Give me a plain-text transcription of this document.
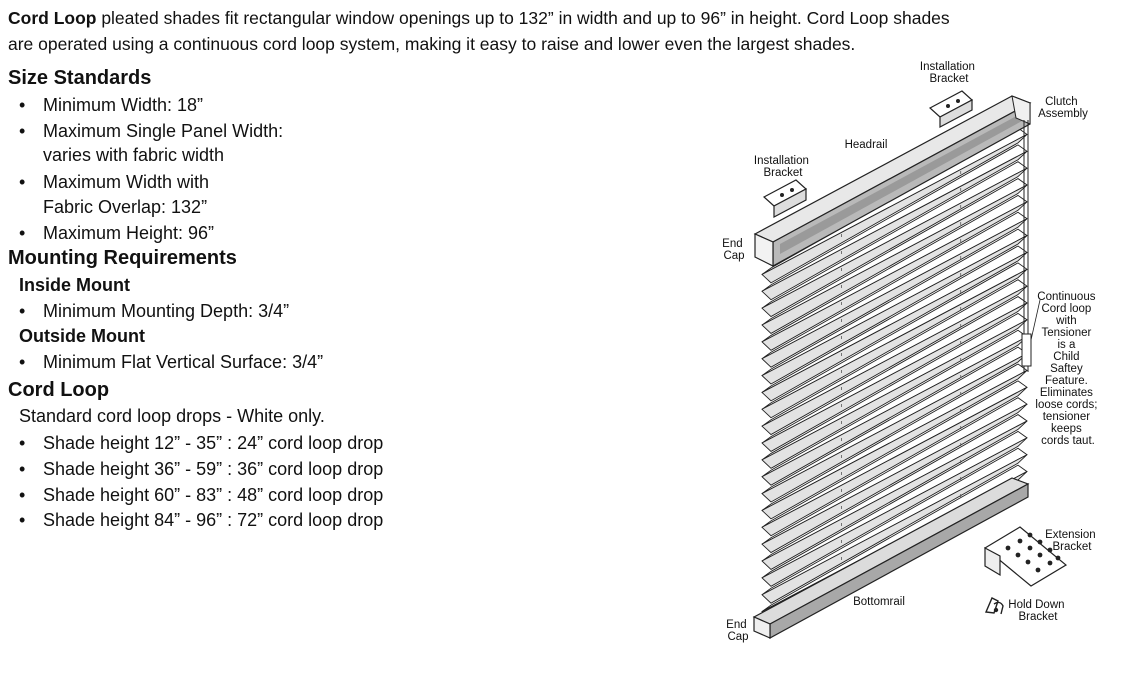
Cord Loop pleated shades fit rectangular window openings up to 132” in width and up to 96” in height. Cord Loop shades
are operated using a continuous cord loop system, making it easy to raise and lower even the largest shades.
Size Standards
• Minimum Width: 18”
• Maximum Single Panel Width:
varies with fabric width
• Maximum Width with
Fabric Overlap: 132”
• Maximum Height: 96”
Mounting Requirements
Inside Mount
• Minimum Mounting Depth: 3/4”
Outside Mount
• Minimum Flat Vertical Surface: 3/4”
Cord Loop
Standard cord loop drops - White only.
• Shade height 12” - 35” : 24” cord loop drop
• Shade height 36” - 59” : 36” cord loop drop
• Shade height 60” - 83” : 48” cord loop drop
• Shade height 84” - 96” : 72” cord loop drop
Installation Bracket
Clutch Assembly
Headrail
Installation Bracket
End Cap
Continuous Cord loop with Tensioner is a Child Saftey Feature. Eliminates loose cords; tensioner keeps cords taut.
Extension Bracket
Bottomrail	Hold Down Bracket
End Cap
